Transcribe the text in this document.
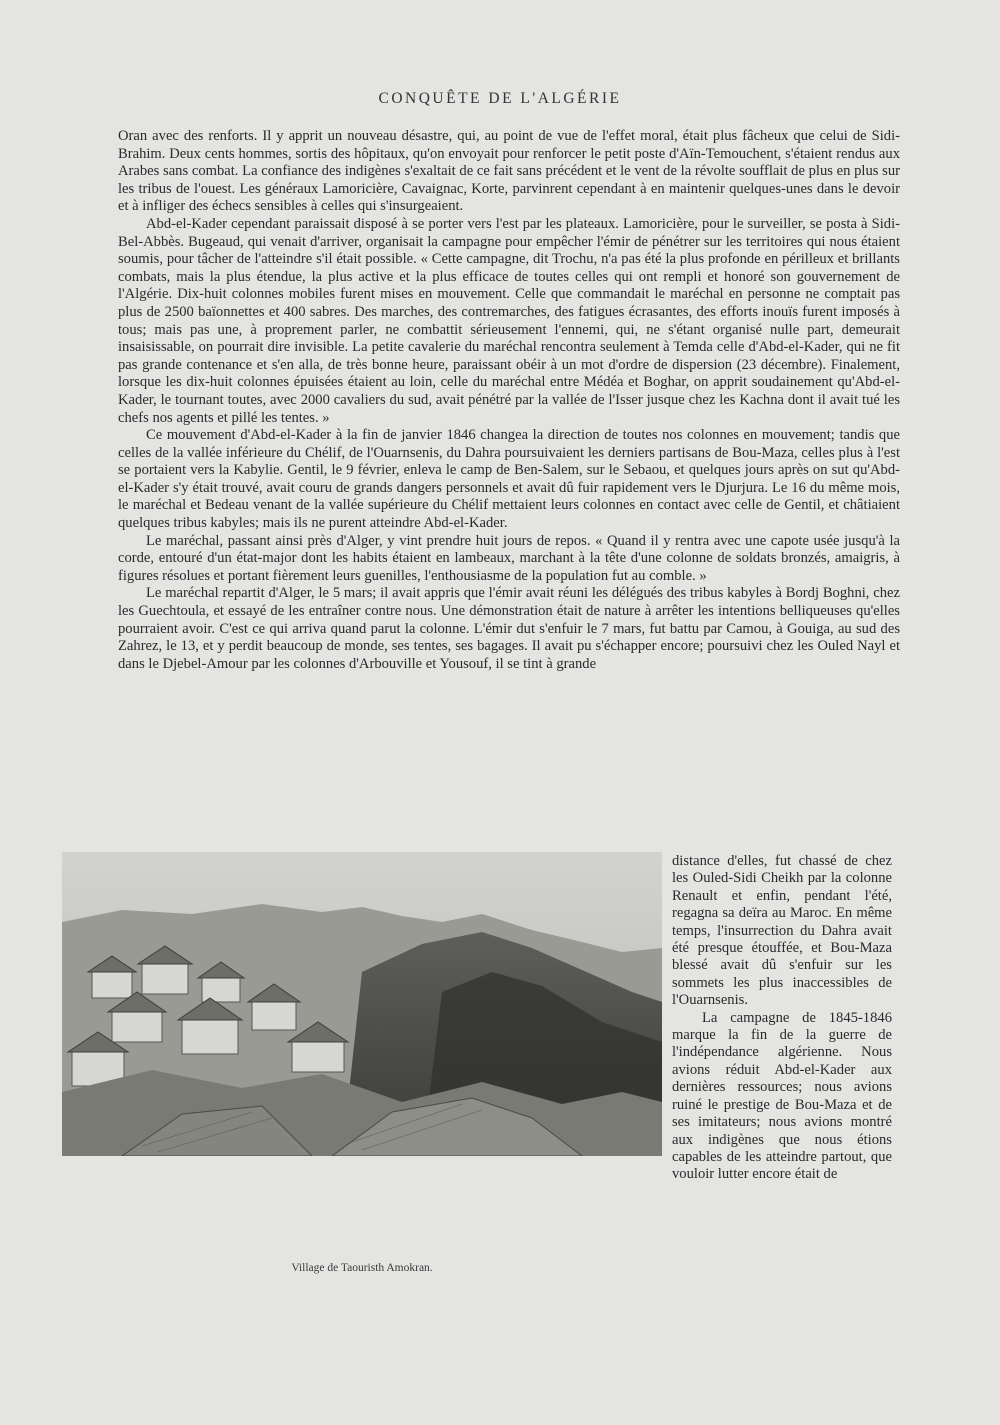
CONQUÊTE DE L'ALGÉRIE

Oran avec des renforts. Il y apprit un nouveau désastre, qui, au point de vue de l'effet moral, était plus fâcheux que celui de Sidi-Brahim. Deux cents hommes, sortis des hôpitaux, qu'on envoyait pour renforcer le petit poste d'Aïn-Temouchent, s'étaient rendus aux Arabes sans combat. La confiance des indigènes s'exaltait de ce fait sans précédent et le vent de la révolte soufflait de plus en plus sur les tribus de l'ouest. Les généraux Lamoricière, Cavaignac, Korte, parvinrent cependant à en maintenir quelques-unes dans le devoir et à infliger des échecs sensibles à celles qui s'insurgeaient.

Abd-el-Kader cependant paraissait disposé à se porter vers l'est par les plateaux. Lamoricière, pour le surveiller, se posta à Sidi-Bel-Abbès. Bugeaud, qui venait d'arriver, organisait la campagne pour empêcher l'émir de pénétrer sur les territoires qui nous étaient soumis, pour tâcher de l'atteindre s'il était possible. « Cette campagne, dit Trochu, n'a pas été la plus profonde en périlleux et brillants combats, mais la plus étendue, la plus active et la plus efficace de toutes celles qui ont rempli et honoré son gouvernement de l'Algérie. Dix-huit colonnes mobiles furent mises en mouvement. Celle que commandait le maréchal en personne ne comptait pas plus de 2500 baïonnettes et 400 sabres. Des marches, des contremarches, des fatigues écrasantes, des efforts inouïs furent imposés à tous; mais pas une, à proprement parler, ne combattit sérieusement l'ennemi, qui, ne s'étant organisé nulle part, demeurait insaisissable, on pourrait dire invisible. La petite cavalerie du maréchal rencontra seulement à Temda celle d'Abd-el-Kader, qui ne fit pas grande contenance et s'en alla, de très bonne heure, paraissant obéir à un mot d'ordre de dispersion (23 décembre). Finalement, lorsque les dix-huit colonnes épuisées étaient au loin, celle du maréchal entre Médéa et Boghar, on apprit soudainement qu'Abd-el-Kader, le tournant toutes, avec 2000 cavaliers du sud, avait pénétré par la vallée de l'Isser jusque chez les Kachna dont il avait tué les chefs nos agents et pillé les tentes. »

Ce mouvement d'Abd-el-Kader à la fin de janvier 1846 changea la direction de toutes nos colonnes en mouvement; tandis que celles de la vallée inférieure du Chélif, de l'Ouarnsenis, du Dahra poursuivaient les derniers partisans de Bou-Maza, celles plus à l'est se portaient vers la Kabylie. Gentil, le 9 février, enleva le camp de Ben-Salem, sur le Sebaou, et quelques jours après on sut qu'Abd-el-Kader s'y était trouvé, avait couru de grands dangers personnels et avait dû fuir rapidement vers le Djurjura. Le 16 du même mois, le maréchal et Bedeau venant de la vallée supérieure du Chélif mettaient leurs colonnes en contact avec celle de Gentil, et châtiaient quelques tribus kabyles; mais ils ne purent atteindre Abd-el-Kader.

Le maréchal, passant ainsi près d'Alger, y vint prendre huit jours de repos. « Quand il y rentra avec une capote usée jusqu'à la corde, entouré d'un état-major dont les habits étaient en lambeaux, marchant à la tête d'une colonne de soldats bronzés, amaigris, à figures résolues et portant fièrement leurs guenilles, l'enthousiasme de la population fut au comble. »

Le maréchal repartit d'Alger, le 5 mars; il avait appris que l'émir avait réuni les délégués des tribus kabyles à Bordj Boghni, chez les Guechtoula, et essayé de les entraîner contre nous. Une démonstration était de nature à arrêter les intentions belliqueuses qu'elles pourraient avoir. C'est ce qui arriva quand parut la colonne. L'émir dut s'enfuir le 7 mars, fut battu par Camou, à Gouiga, au sud des Zahrez, le 13, et y perdit beaucoup de monde, ses tentes, ses bagages. Il avait pu s'échapper encore; poursuivi chez les Ouled Nayl et dans le Djebel-Amour par les colonnes d'Arbouville et Yousouf, il se tint à grande

Village de Taouristh Amokran.

distance d'elles, fut chassé de chez les Ouled-Sidi Cheikh par la colonne Renault et enfin, pendant l'été, regagna sa deïra au Maroc. En même temps, l'insurrection du Dahra avait été presque étouffée, et Bou-Maza blessé avait dû s'enfuir sur les sommets les plus inaccessibles de l'Ouarnsenis.

La campagne de 1845-1846 marque la fin de la guerre de l'indépendance algérienne. Nous avions réduit Abd-el-Kader aux dernières ressources; nous avions ruiné le prestige de Bou-Maza et de ses imitateurs; nous avions montré aux indigènes que nous étions capables de les atteindre partout, que vouloir lutter encore était de
